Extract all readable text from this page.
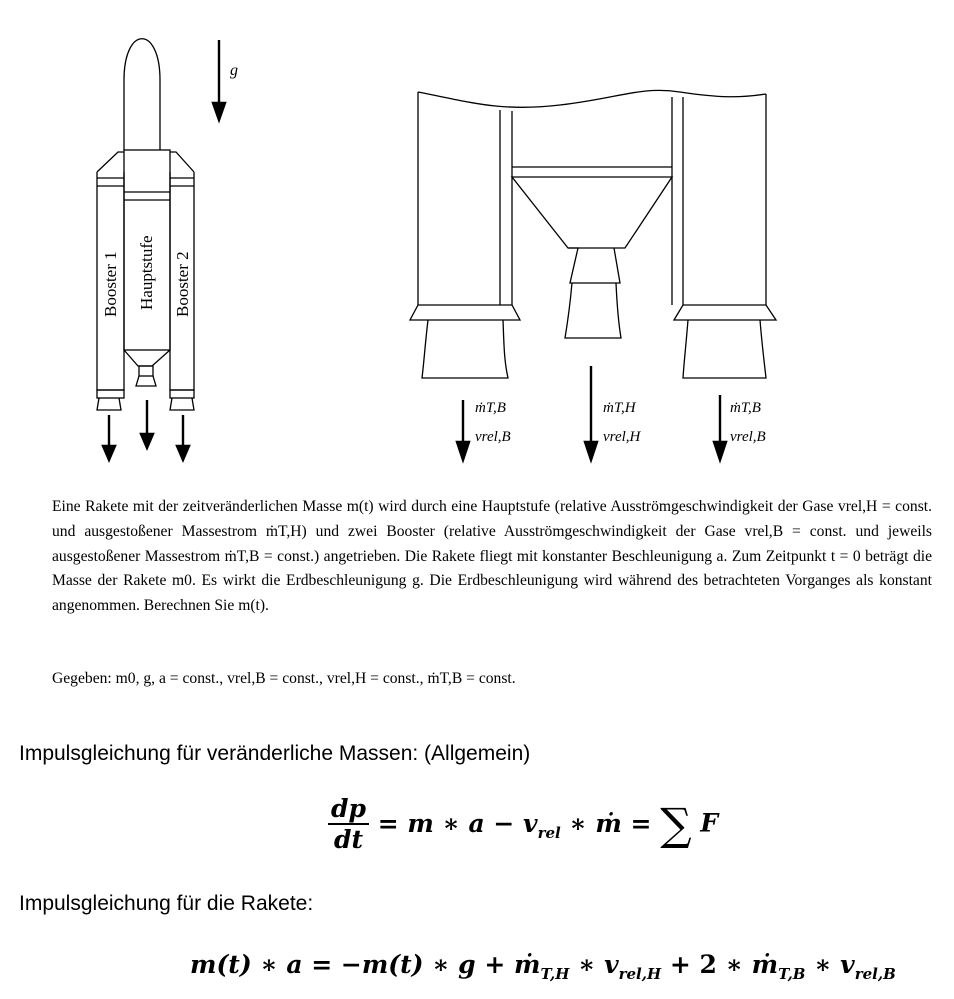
Booster 1 Hauptstufe Booster 2
g
ṁT,B
vrel,B
ṁT,H
vrel,H
ṁT,B
vrel,B

Eine Rakete mit der zeitveränderlichen Masse m(t) wird durch eine Hauptstufe (relative Ausströmgeschwindigkeit der Gase vrel,H = const. und ausgestoßener Massestrom ṁT,H) und zwei Booster (relative Ausströmgeschwindigkeit der Gase vrel,B = const. und jeweils ausgestoßener Massestrom ṁT,B = const.) angetrieben. Die Rakete fliegt mit konstanter Beschleunigung a. Zum Zeitpunkt t = 0 beträgt die Masse der Rakete m0. Es wirkt die Erdbeschleunigung g. Die Erdbeschleunigung wird während des betrachteten Vorganges als konstant angenommen. Berechnen Sie m(t).

Gegeben: m0, g, a = const., vrel,B = const., vrel,H = const., ṁT,B = const.
Impulsgleichung für veränderliche Massen: (Allgemein)
$\frac{dp}{dt} = m$ ∗ $a - v_{rel}$ ∗ ṁ = ∑ F
Impulsgleichung für die Rakete:
m(t) ∗ a = −m(t) ∗ g + ṁ$_{T,H}$ ∗ $v_{rel,H} + 2$ ∗ ṁ$_{T,B}$ ∗ $v_{rel,B}$
